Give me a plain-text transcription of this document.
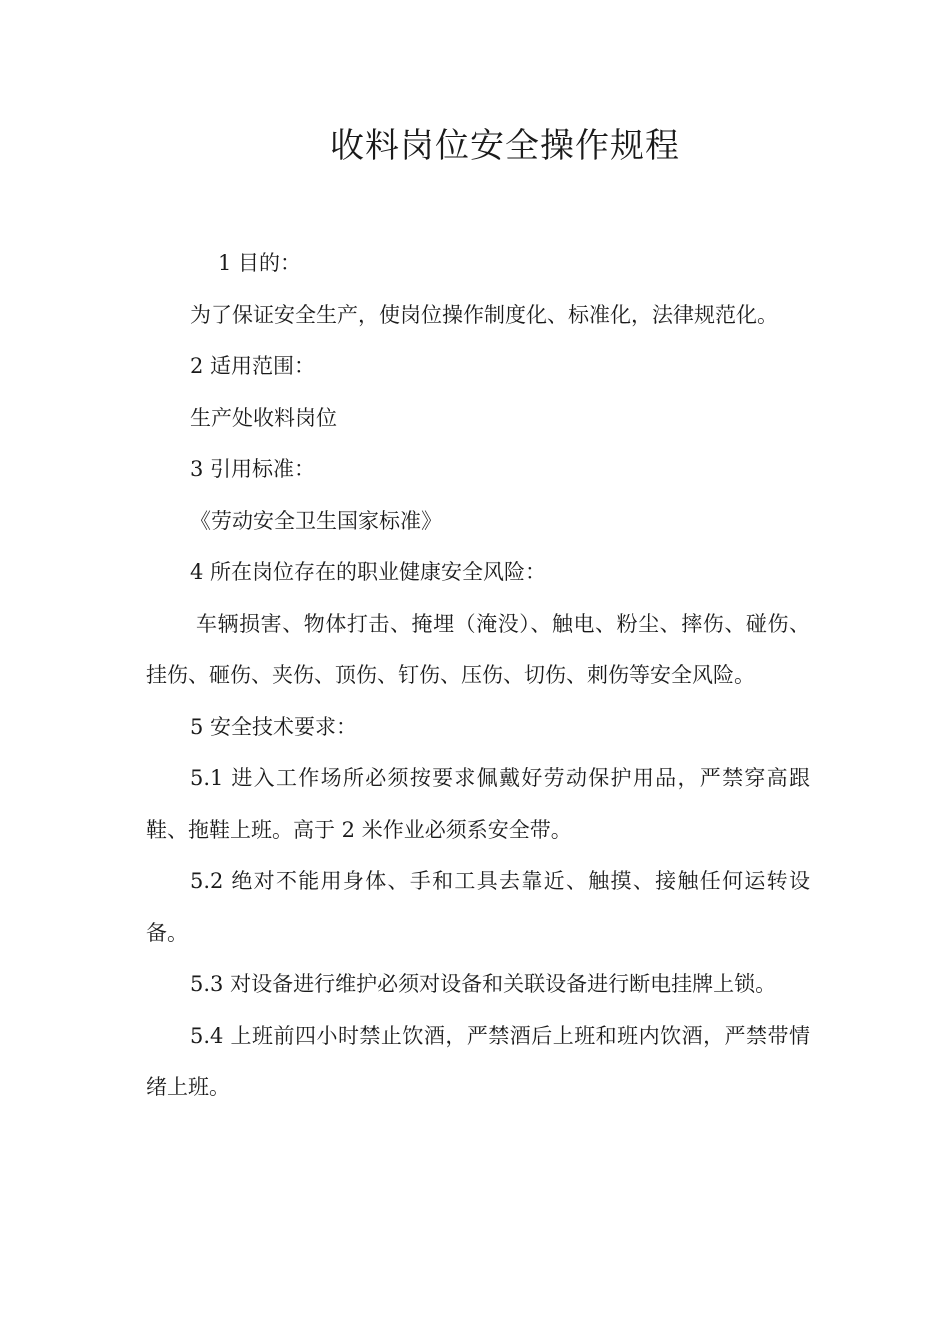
收料岗位安全操作规程

1 目的：

为了保证安全生产，使岗位操作制度化、标准化，法律规范化。

2 适用范围：

生产处收料岗位

3 引用标准：

《劳动安全卫生国家标准》

4 所在岗位存在的职业健康安全风险：

车辆损害、物体打击、掩埋（淹没）、触电、粉尘、摔伤、碰伤、挂伤、砸伤、夹伤、顶伤、钉伤、压伤、切伤、刺伤等安全风险。

5 安全技术要求：

5.1 进入工作场所必须按要求佩戴好劳动保护用品，严禁穿高跟鞋、拖鞋上班。高于 2 米作业必须系安全带。

5.2 绝对不能用身体、手和工具去靠近、触摸、接触任何运转设备。

5.3 对设备进行维护必须对设备和关联设备进行断电挂牌上锁。

5.4 上班前四小时禁止饮酒，严禁酒后上班和班内饮酒，严禁带情绪上班。
